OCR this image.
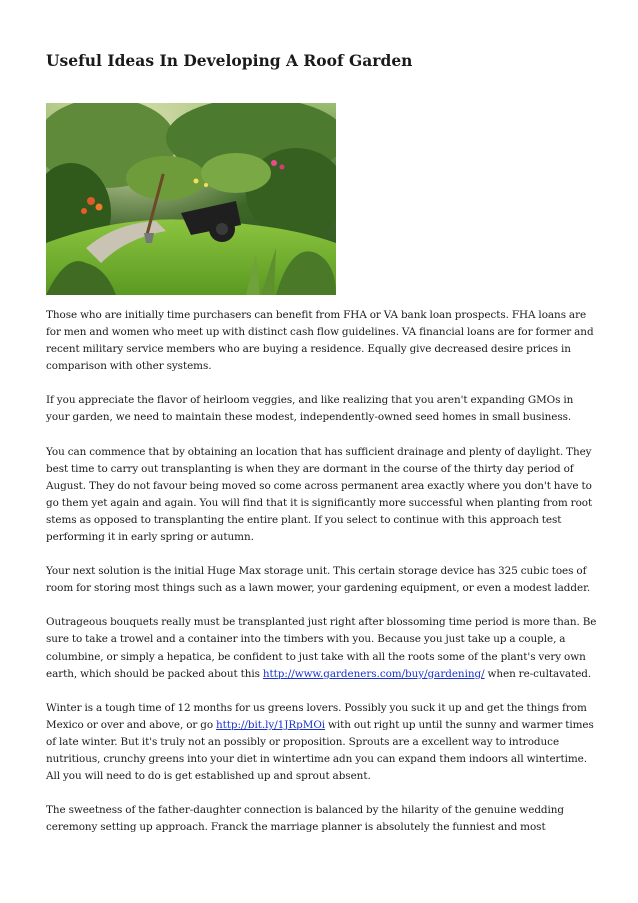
Useful Ideas In Developing A Roof Garden

Those who are initially time purchasers can benefit from FHA or VA bank loan prospects. FHA loans are for men and women who meet up with distinct cash flow guidelines. VA financial loans are for former and recent military service members who are buying a residence. Equally give decreased desire prices in comparison with other systems.

If you appreciate the flavor of heirloom veggies, and like realizing that you aren't expanding GMOs in your garden, we need to maintain these modest, independently-owned seed homes in small business.

You can commence that by obtaining an location that has sufficient drainage and plenty of daylight. They best time to carry out transplanting is when they are dormant in the course of the thirty day period of August. They do not favour being moved so come across permanent area exactly where you don't have to go them yet again and again. You will find that it is significantly more successful when planting from root stems as opposed to transplanting the entire plant. If you select to continue with this approach test performing it in early spring or autumn.

Your next solution is the initial Huge Max storage unit. This certain storage device has 325 cubic toes of room for storing most things such as a lawn mower, your gardening equipment, or even a modest ladder.

Outrageous bouquets really must be transplanted just right after blossoming time period is more than. Be sure to take a trowel and a container into the timbers with you. Because you just take up a couple, a columbine, or simply a hepatica, be confident to just take with all the roots some of the plant's very own earth, which should be packed about this http://www.gardeners.com/buy/gardening/ when re-cultavated.

Winter is a tough time of 12 months for us greens lovers. Possibly you suck it up and get the things from Mexico or over and above, or go http://bit.ly/1JRpMOi with out right up until the sunny and warmer times of late winter. But it's truly not an possibly or proposition. Sprouts are a excellent way to introduce nutritious, crunchy greens into your diet in wintertime adn you can expand them indoors all wintertime. All you will need to do is get established up and sprout absent.

The sweetness of the father-daughter connection is balanced by the hilarity of the genuine wedding ceremony setting up approach. Franck the marriage planner is absolutely the funniest and most
